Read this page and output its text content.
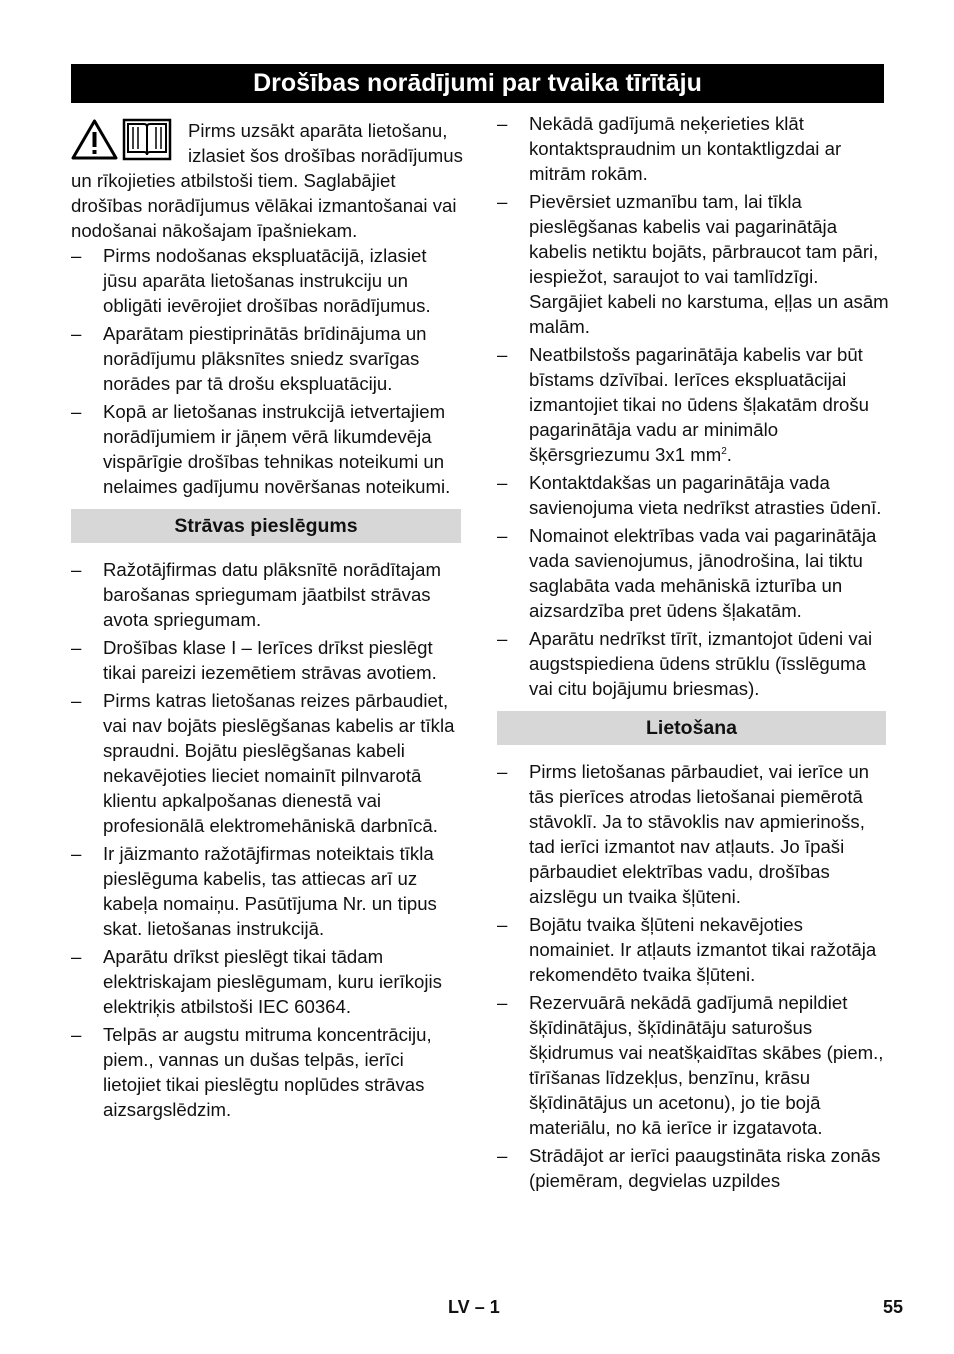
Drošības norādījumi par tvaika tīrītāju
Pirms uzsākt aparāta lietošanu, izlasiet šos drošības norādījumus un rīkojieties atbilstoši tiem. Saglabājiet drošības norādījumus vēlākai izmantošanai vai nodošanai nākošajam īpašniekam.
– Pirms nodošanas ekspluatācijā, izlasiet jūsu aparāta lietošanas instrukciju un obligāti ievērojiet drošības norādījumus.
– Aparātam piestiprinātās brīdinājuma un norādījumu plāksnītes sniedz svarīgas norādes par tā drošu ekspluatāciju.
– Kopā ar lietošanas instrukcijā ietvertajiem norādījumiem ir jāņem vērā likumdevēja vispārīgie drošības tehnikas noteikumi un nelaimes gadījumu novēršanas noteikumi.
Strāvas pieslēgums
– Ražotājfirmas datu plāksnītē norādītajam barošanas spriegumam jāatbilst strāvas avota spriegumam.
– Drošības klase I – Ierīces drīkst pieslēgt tikai pareizi iezemētiem strāvas avotiem.
– Pirms katras lietošanas reizes pārbaudiet, vai nav bojāts pieslēgšanas kabelis ar tīkla spraudni. Bojātu pieslēgšanas kabeli nekavējoties lieciet nomainīt pilnvarotā klientu apkalpošanas dienestā vai profesionālā elektromehāniskā darbnīcā.
– Ir jāizmanto ražotājfirmas noteiktais tīkla pieslēguma kabelis, tas attiecas arī uz kabeļa nomaiņu. Pasūtījuma Nr. un tipus skat. lietošanas instrukcijā.
– Aparātu drīkst pieslēgt tikai tādam elektriskajam pieslēgumam, kuru ierīkojis elektriķis atbilstoši IEC 60364.
– Telpās ar augstu mitruma koncentrāciju, piem., vannas un dušas telpās, ierīci lietojiet tikai pieslēgtu noplūdes strāvas aizsargslēdzim.
– Nekādā gadījumā neķerieties klāt kontaktspraudnim un kontaktligzdai ar mitrām rokām.
– Pievērsiet uzmanību tam, lai tīkla pieslēgšanas kabelis vai pagarinātāja kabelis netiktu bojāts, pārbraucot tam pāri, iespiežot, saraujot to vai tamlīdzīgi. Sargājiet kabeli no karstuma, eļļas un asām malām.
– Neatbilstošs pagarinātāja kabelis var būt bīstams dzīvībai. Ierīces ekspluatācijai izmantojiet tikai no ūdens šļakatām drošu pagarinātāja vadu ar minimālo šķērsgriezumu 3x1 $mm^2$.
– Kontaktdakšas un pagarinātāja vada savienojuma vieta nedrīkst atrasties ūdenī.
– Nomainot elektrības vada vai pagarinātāja vada savienojumus, jānodrošina, lai tiktu saglabāta vada mehāniskā izturība un aizsardzība pret ūdens šļakatām.
– Aparātu nedrīkst tīrīt, izmantojot ūdeni vai augstspiediena ūdens strūklu (īsslēguma vai citu bojājumu briesmas).
Lietošana
– Pirms lietošanas pārbaudiet, vai ierīce un tās pierīces atrodas lietošanai piemērotā stāvoklī. Ja to stāvoklis nav apmierinošs, tad ierīci izmantot nav atļauts. Jo īpaši pārbaudiet elektrības vadu, drošības aizslēgu un tvaika šļūteni.
– Bojātu tvaika šļūteni nekavējoties nomainiet. Ir atļauts izmantot tikai ražotāja rekomendēto tvaika šļūteni.
– Rezervuārā nekādā gadījumā nepildiet šķīdinātājus, šķīdinātāju saturošus šķidrumus vai neatšķaidītas skābes (piem., tīrīšanas līdzekļus, benzīnu, krāsu šķīdinātājus un acetonu), jo tie bojā materiālu, no kā ierīce ir izgatavota.
– Strādājot ar ierīci paaugstināta riska zonās (piemēram, degvielas uzpildes
LV – 1	55
